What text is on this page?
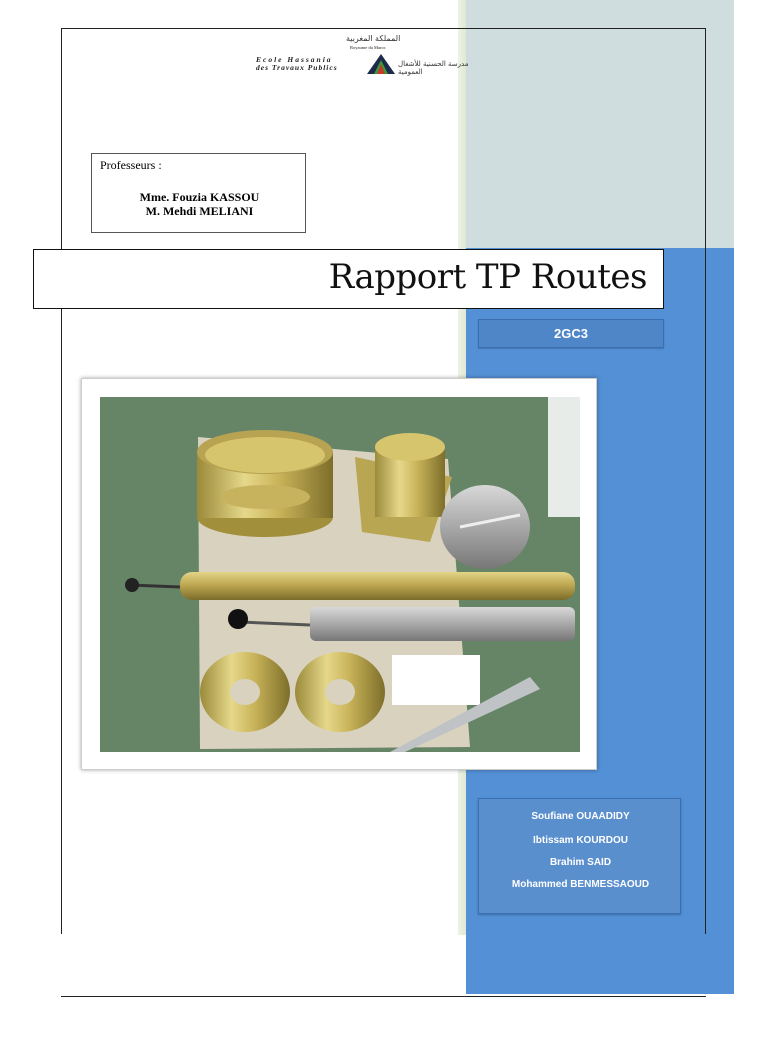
المملكة المغربية
Royaume du Maroc
Ecole Hassania
des Travaux Publics	مدرسة الحسنية للأشغال العمومية
Professeurs :
Mme. Fouzia KASSOU
M. Mehdi MELIANI
Rapport TP Routes
2GC3
Soufiane OUAADIDY
Ibtissam KOURDOU
Brahim SAID
Mohammed BENMESSAOUD
